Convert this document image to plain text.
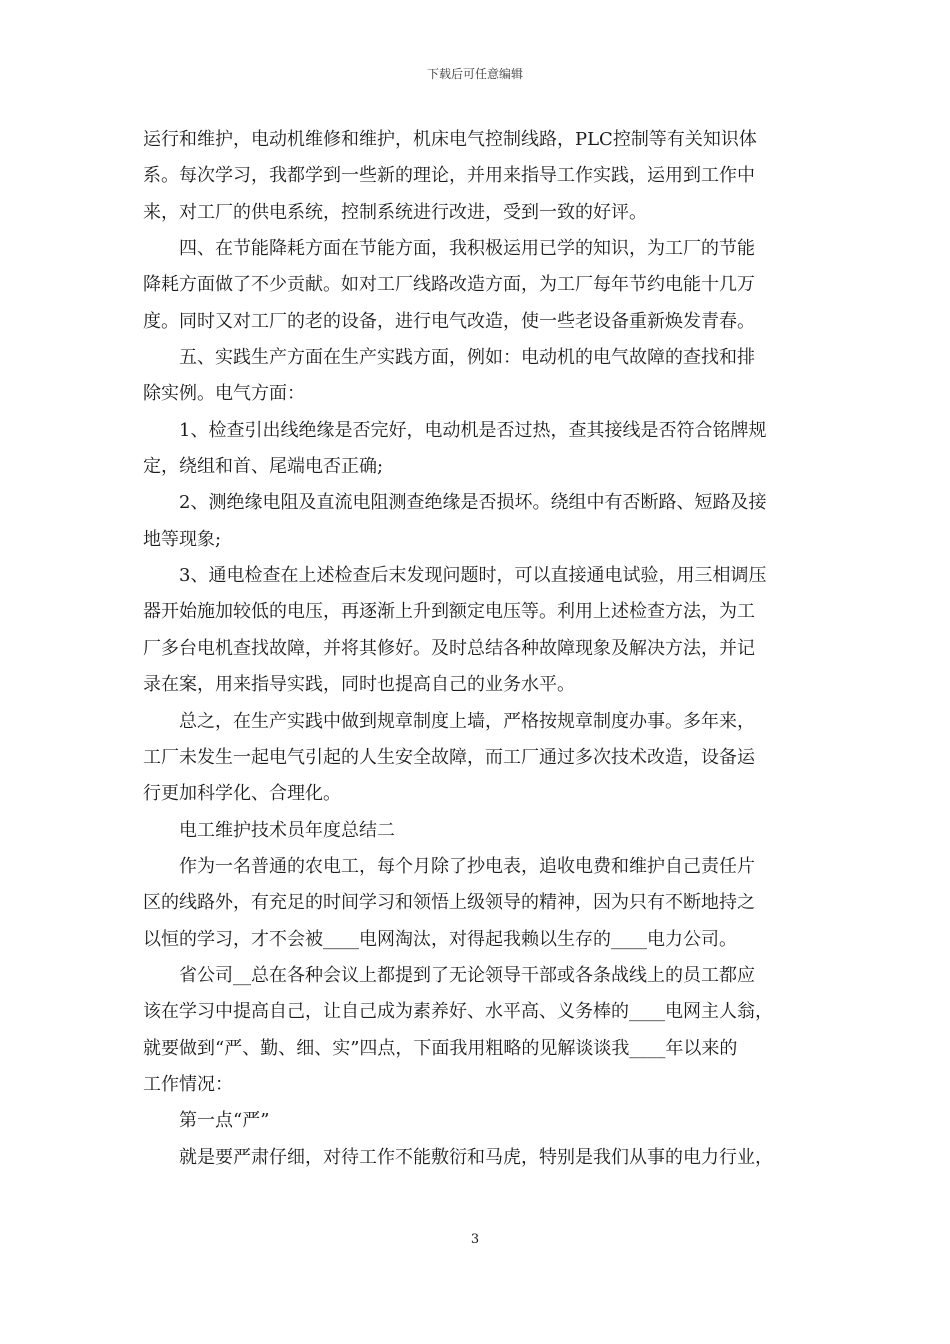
下载后可任意编辑
运行和维护，电动机维修和维护，机床电气控制线路，PLC控制等有关知识体
系。每次学习，我都学到一些新的理论，并用来指导工作实践，运用到工作中
来，对工厂的供电系统，控制系统进行改进，受到一致的好评。
四、在节能降耗方面在节能方面，我积极运用已学的知识，为工厂的节能
降耗方面做了不少贡献。如对工厂线路改造方面，为工厂每年节约电能十几万
度。同时又对工厂的老的设备，进行电气改造，使一些老设备重新焕发青春。
五、实践生产方面在生产实践方面，例如：电动机的电气故障的查找和排
除实例。电气方面：
1、检查引出线绝缘是否完好，电动机是否过热，查其接线是否符合铭牌规
定，绕组和首、尾端电否正确;
2、测绝缘电阻及直流电阻测查绝缘是否损坏。绕组中有否断路、短路及接
地等现象;
3、通电检查在上述检查后末发现问题时，可以直接通电试验，用三相调压
器开始施加较低的电压，再逐渐上升到额定电压等。利用上述检查方法，为工
厂多台电机查找故障，并将其修好。及时总结各种故障现象及解决方法，并记
录在案，用来指导实践，同时也提高自己的业务水平。
总之，在生产实践中做到规章制度上墙，严格按规章制度办事。多年来，
工厂未发生一起电气引起的人生安全故障，而工厂通过多次技术改造，设备运
行更加科学化、合理化。
电工维护技术员年度总结二
作为一名普通的农电工，每个月除了抄电表，追收电费和维护自己责任片
区的线路外，有充足的时间学习和领悟上级领导的精神，因为只有不断地持之
以恒的学习，才不会被____电网淘汰，对得起我赖以生存的____电力公司。
省公司__总在各种会议上都提到了无论领导干部或各条战线上的员工都应
该在学习中提高自己，让自己成为素养好、水平高、义务棒的____电网主人翁，
就要做到“严、勤、细、实”四点，下面我用粗略的见解谈谈我____年以来的
工作情况：
第一点“严”
就是要严肃仔细，对待工作不能敷衍和马虎，特别是我们从事的电力行业，
3
